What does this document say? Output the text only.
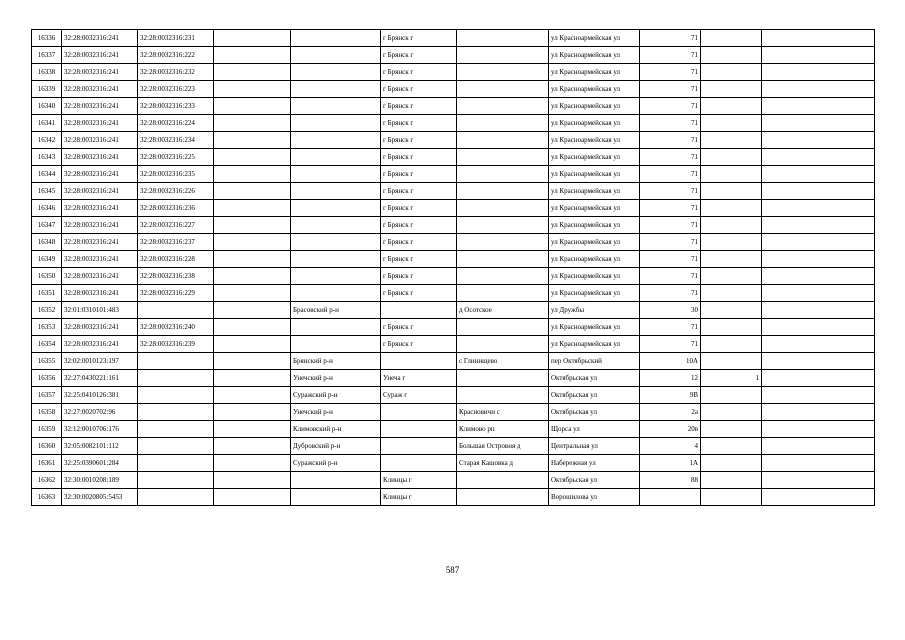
16336	32:28:0032316:241	32:28:0032316:231			г Брянск г		ул Красноармейская ул	71		
16337	32:28:0032316:241	32:28:0032316:222			г Брянск г		ул Красноармейская ул	71		
16338	32:28:0032316:241	32:28:0032316:232			г Брянск г		ул Красноармейская ул	71		
16339	32:28:0032316:241	32:28:0032316:223			г Брянск г		ул Красноармейская ул	71		
16340	32:28:0032316:241	32:28:0032316:233			г Брянск г		ул Красноармейская ул	71		
16341	32:28:0032316:241	32:28:0032316:224			г Брянск г		ул Красноармейская ул	71		
16342	32:28:0032316:241	32:28:0032316:234			г Брянск г		ул Красноармейская ул	71		
16343	32:28:0032316:241	32:28:0032316:225			г Брянск г		ул Красноармейская ул	71		
16344	32:28:0032316:241	32:28:0032316:235			г Брянск г		ул Красноармейская ул	71		
16345	32:28:0032316:241	32:28:0032316:226			г Брянск г		ул Красноармейская ул	71		
16346	32:28:0032316:241	32:28:0032316:236			г Брянск г		ул Красноармейская ул	71		
16347	32:28:0032316:241	32:28:0032316:227			г Брянск г		ул Красноармейская ул	71		
16348	32:28:0032316:241	32:28:0032316:237			г Брянск г		ул Красноармейская ул	71		
16349	32:28:0032316:241	32:28:0032316:228			г Брянск г		ул Красноармейская ул	71		
16350	32:28:0032316:241	32:28:0032316:238			г Брянск г		ул Красноармейская ул	71		
16351	32:28:0032316:241	32:28:0032316:229			г Брянск г		ул Красноармейская ул	71		
16352	32:01:0310101:483			Брасовский р-н		д Осотское	ул Дружбы	30		
16353	32:28:0032316:241	32:28:0032316:240			г Брянск г		ул Красноармейская ул	71		
16354	32:28:0032316:241	32:28:0032316:239			г Брянск г		ул Красноармейская ул	71		
16355	32:02:0010123:197			Брянский р-н		с Глинищево	пер Октябрьский	10А		
16356	32:27:0430221:161			Унечский р-н	Унеча г		Октябрьская ул	12	1	
16357	32:25:0410126:381			Суражский р-н	Сураж г		Октябрьская ул	9В		
16358	32:27:0020702:96			Унечский р-н		Красновичи с	Октябрьская ул	2а		
16359	32:12:0010706:176			Климовский р-н		Климово рп	Щорса ул	20в		
16360	32:05:0082101:112			Дубровский р-н		Большая Островня д	Центральная ул	4		
16361	32:25:0390601:284			Суражский р-н		Старая Кашовка д	Набережная ул	1А		
16362	32:30:0010208:189				Клинцы г		Октябрьская ул	88		
16363	32:30:0020805:5453				Клинцы г		Ворошилова ул			
587
